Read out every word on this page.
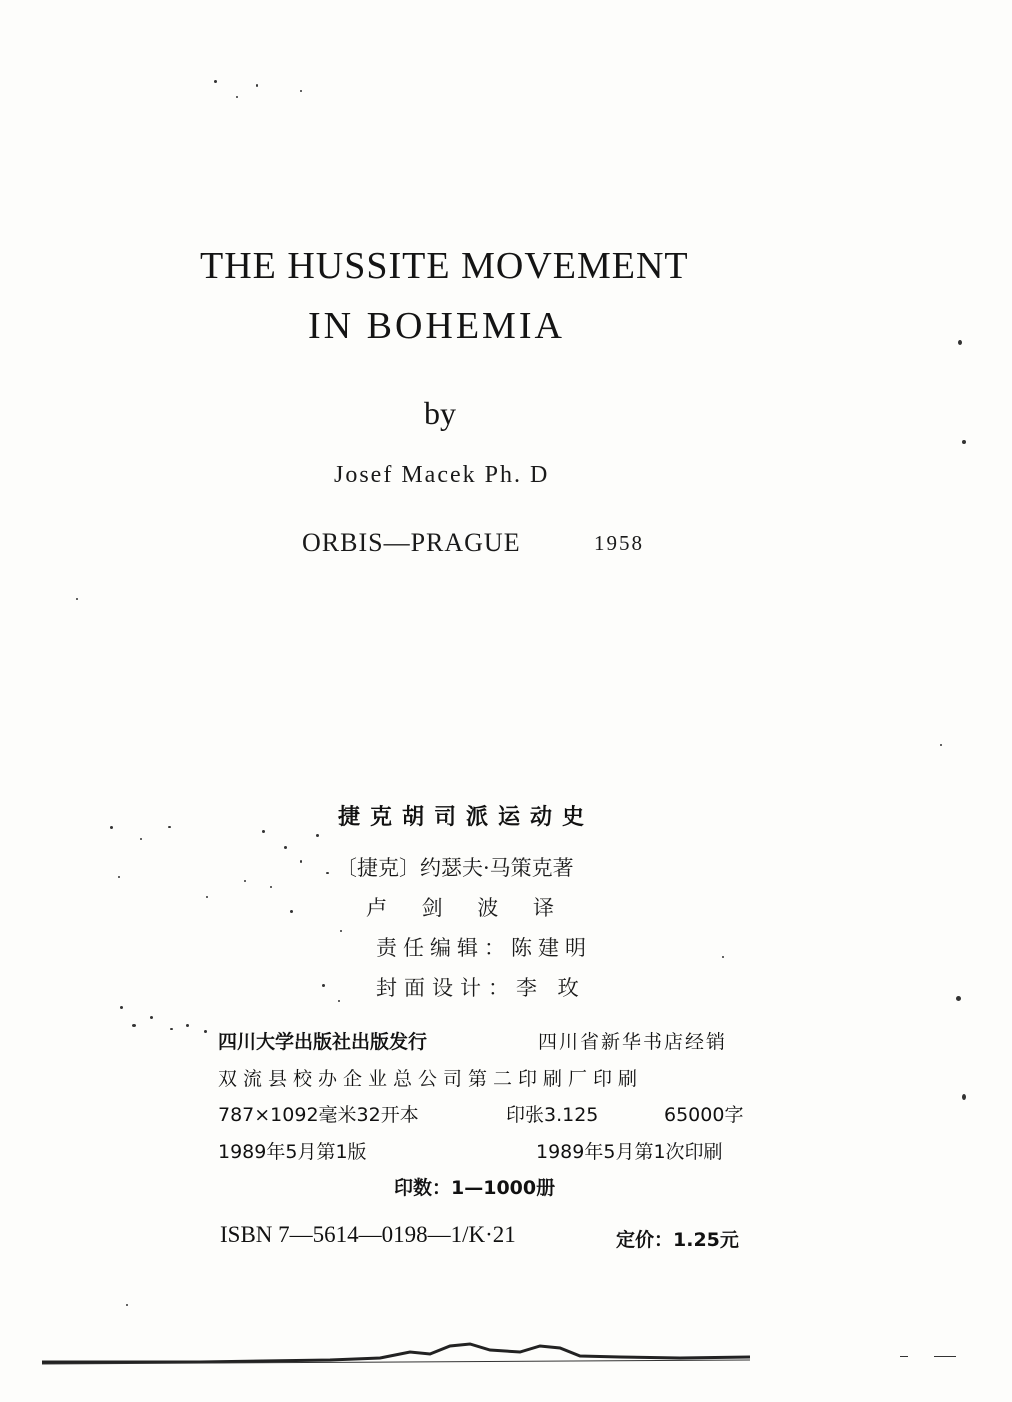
THE HUSSITE MOVEMENT
IN BOHEMIA
by
Josef Macek Ph. D
ORBIS—PRAGUE	1958
捷克胡司派运动史
〔捷克〕约瑟夫·马策克著
卢 剑 波 译
责任编辑：陈建明
封面设计：李 玫
四川大学出版社出版发行	四川省新华书店经销
双流县校办企业总公司第二印刷厂印刷
787×1092毫米32开本	印张3.125	65000字
1989年5月第1版	1989年5月第1次印刷
印数：1—1000册
ISBN 7—5614—0198—1/K·21	定价：1.25元
